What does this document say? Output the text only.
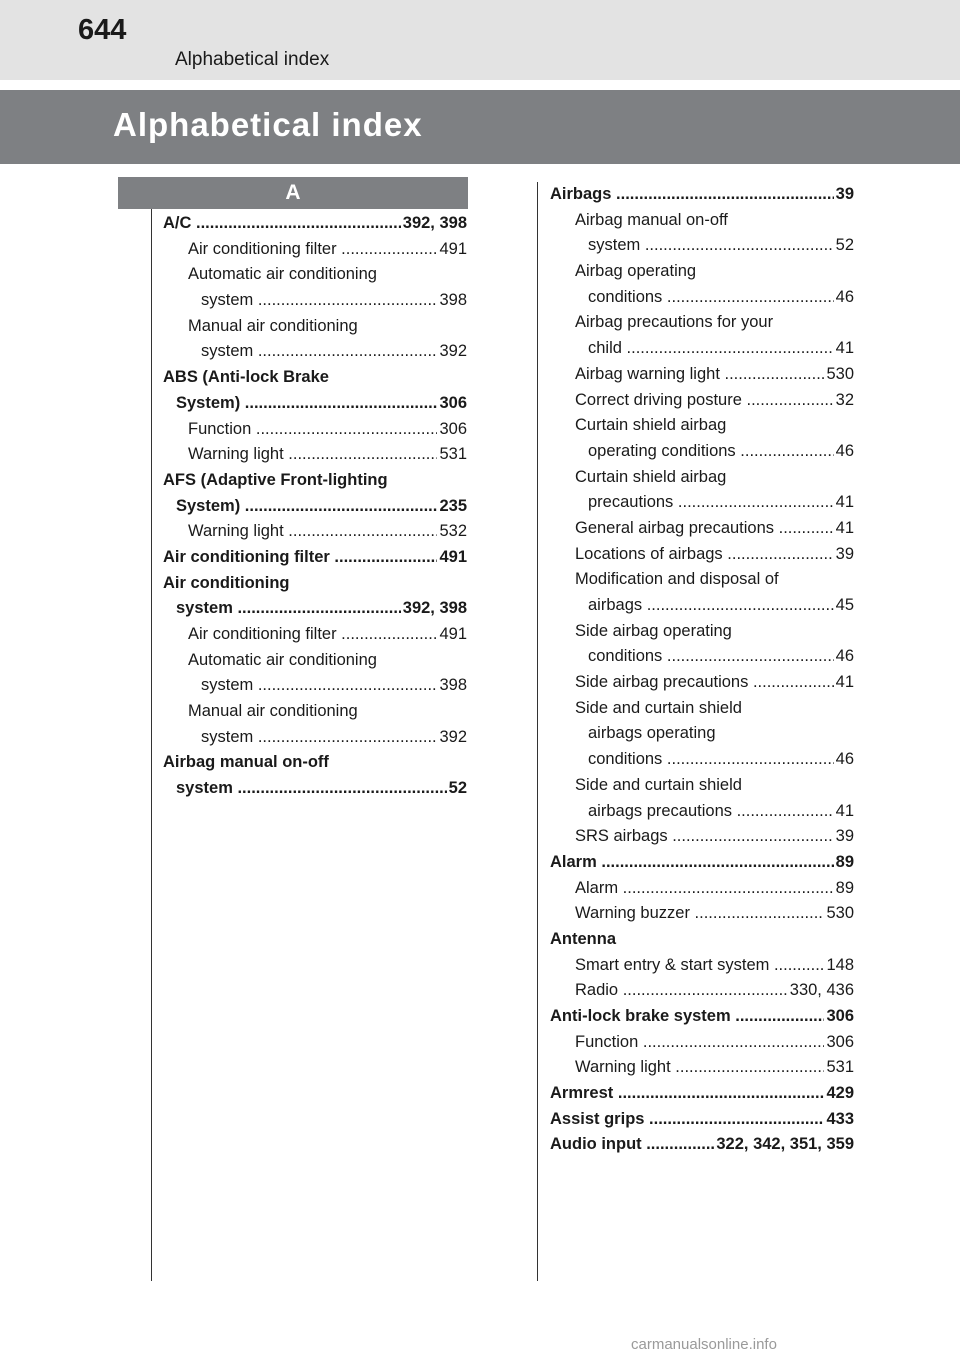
644
Alphabetical index
Alphabetical index
A
A/C .....	392, 398
Air conditioning filter .....	491
Automatic air conditioning
system .....	398
Manual air conditioning
system .....	392
ABS (Anti-lock Brake
System) .....	306
Function .....	306
Warning light .....	531
AFS (Adaptive Front-lighting
System) .....	235
Warning light .....	532
Air conditioning filter .....	491
Air conditioning
system .....	392, 398
Air conditioning filter .....	491
Automatic air conditioning
system .....	398
Manual air conditioning
system .....	392
Airbag manual on-off
system .....	52
Airbags .....	39
Airbag manual on-off
system .....	52
Airbag operating
conditions .....	46
Airbag precautions for your
child .....	41
Airbag warning light .....	530
Correct driving posture .....	32
Curtain shield airbag
operating conditions .....	46
Curtain shield airbag
precautions .....	41
General airbag precautions .....	41
Locations of airbags .....	39
Modification and disposal of
airbags .....	45
Side airbag operating
conditions .....	46
Side airbag precautions .....	41
Side and curtain shield
airbags operating
conditions .....	46
Side and curtain shield
airbags precautions .....	41
SRS airbags .....	39
Alarm .....	89
Alarm .....	89
Warning buzzer .....	530
Antenna
Smart entry & start system .....	148
Radio .....	330, 436
Anti-lock brake system .....	306
Function .....	306
Warning light .....	531
Armrest .....	429
Assist grips .....	433
Audio input .....	322, 342, 351, 359
carmanualsonline.info
